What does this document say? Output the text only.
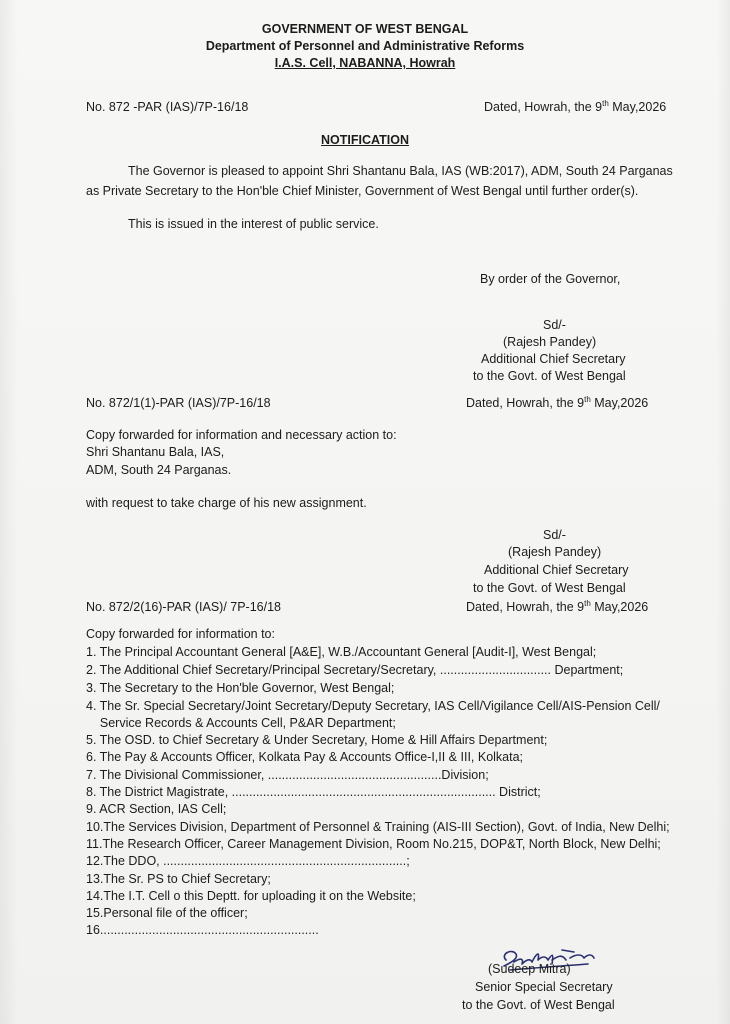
GOVERNMENT OF WEST BENGAL
Department of Personnel and Administrative Reforms
I.A.S. Cell, NABANNA, Howrah
No. 872 -PAR (IAS)/7P-16/18	Dated, Howrah, the 9th May,2026
NOTIFICATION
The Governor is pleased to appoint Shri Shantanu Bala, IAS (WB:2017), ADM, South 24 Parganas
as Private Secretary to the Hon'ble Chief Minister, Government of West Bengal until further order(s).
This is issued in the interest of public service.
By order of the Governor,
Sd/-
(Rajesh Pandey)
Additional Chief Secretary
to the Govt. of West Bengal
No. 872/1(1)-PAR (IAS)/7P-16/18	Dated, Howrah, the 9th May,2026
Copy forwarded for information and necessary action to:
Shri Shantanu Bala, IAS,
ADM, South 24 Parganas.
with request to take charge of his new assignment.
Sd/-
(Rajesh Pandey)
Additional Chief Secretary
to the Govt. of West Bengal
No. 872/2(16)-PAR (IAS)/ 7P-16/18	Dated, Howrah, the 9th May,2026
Copy forwarded for information to:
1. The Principal Accountant General [A&E], W.B./Accountant General [Audit-I], West Bengal;
2. The Additional Chief Secretary/Principal Secretary/Secretary, ................................ Department;
3. The Secretary to the Hon'ble Governor, West Bengal;
4. The Sr. Special Secretary/Joint Secretary/Deputy Secretary, IAS Cell/Vigilance Cell/AIS-Pension Cell/
Service Records & Accounts Cell, P&AR Department;
5. The OSD. to Chief Secretary & Under Secretary, Home & Hill Affairs Department;
6. The Pay & Accounts Officer, Kolkata Pay & Accounts Office-I,II & III, Kolkata;
7. The Divisional Commissioner, ..................................................Division;
8. The District Magistrate, ............................................................................ District;
9. ACR Section, IAS Cell;
10.The Services Division, Department of Personnel & Training (AIS-III Section), Govt. of India, New Delhi;
11.The Research Officer, Career Management Division, Room No.215, DOP&T, North Block, New Delhi;
12.The DDO, ......................................................................;
13.The Sr. PS to Chief Secretary;
14.The I.T. Cell o this Deptt. for uploading it on the Website;
15.Personal file of the officer;
16...............................................................
(Sudeep Mitra)
Senior Special Secretary
to the Govt. of West Bengal
